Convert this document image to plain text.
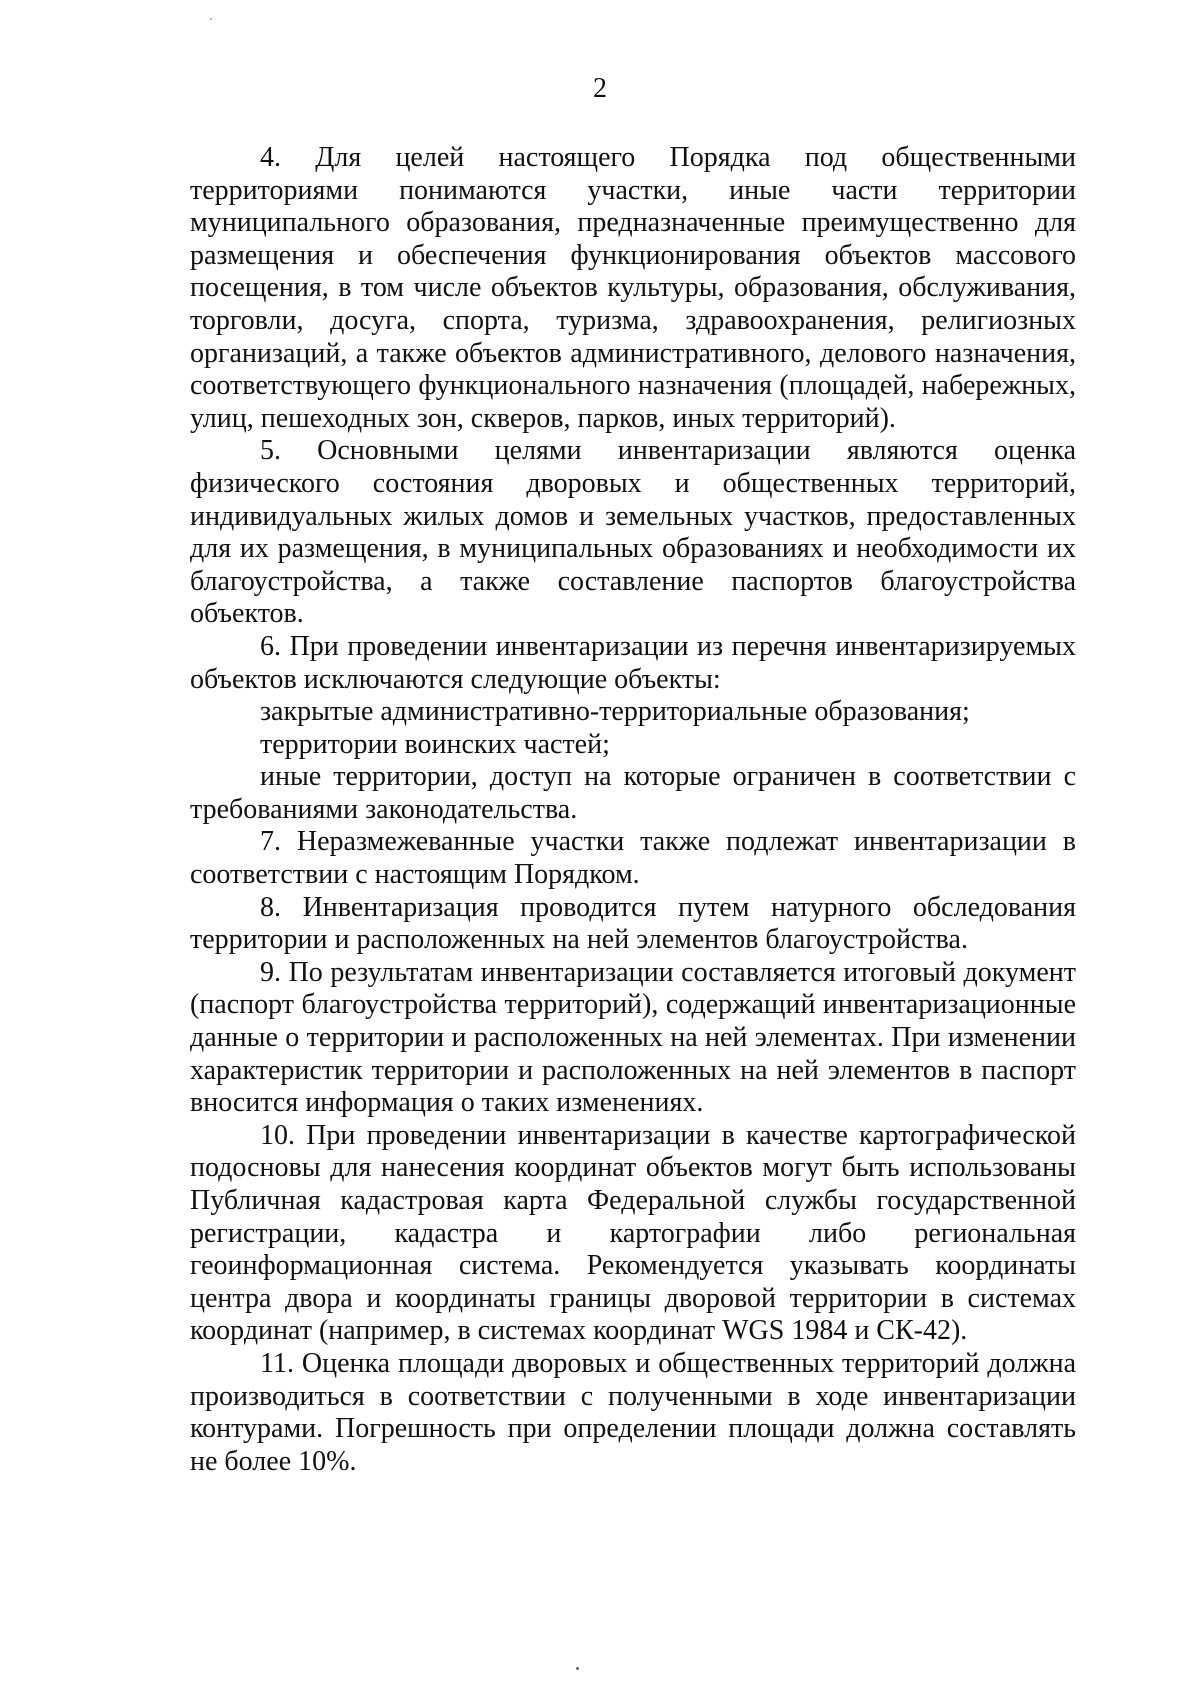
2

4. Для целей настоящего Порядка под общественными территориями понимаются участки, иные части территории муниципального образования, предназначенные преимущественно для размещения и обеспечения функционирования объектов массового посещения, в том числе объектов культуры, образования, обслуживания, торговли, досуга, спорта, туризма, здравоохранения, религиозных организаций, а также объектов административного, делового назначения, соответствующего функционального назначения (площадей, набережных, улиц, пешеходных зон, скверов, парков, иных территорий).

5. Основными целями инвентаризации являются оценка физического состояния дворовых и общественных территорий, индивидуальных жилых домов и земельных участков, предоставленных для их размещения, в муниципальных образованиях и необходимости их благоустройства, а также составление паспортов благоустройства объектов.

6. При проведении инвентаризации из перечня инвентаризируемых объектов исключаются следующие объекты:

закрытые административно-территориальные образования;

территории воинских частей;

иные территории, доступ на которые ограничен в соответствии с требованиями законодательства.

7. Неразмежеванные участки также подлежат инвентаризации в соответствии с настоящим Порядком.

8. Инвентаризация проводится путем натурного обследования территории и расположенных на ней элементов благоустройства.

9. По результатам инвентаризации составляется итоговый документ (паспорт благоустройства территорий), содержащий инвентаризационные данные о территории и расположенных на ней элементах. При изменении характеристик территории и расположенных на ней элементов в паспорт вносится информация о таких изменениях.

10. При проведении инвентаризации в качестве картографической подосновы для нанесения координат объектов могут быть использованы Публичная кадастровая карта Федеральной службы государственной регистрации, кадастра и картографии либо региональная геоинформационная система. Рекомендуется указывать координаты центра двора и координаты границы дворовой территории в системах координат (например, в системах координат WGS 1984 и СК-42).

11. Оценка площади дворовых и общественных территорий должна производиться в соответствии с полученными в ходе инвентаризации контурами. Погрешность при определении площади должна составлять не более 10%.
